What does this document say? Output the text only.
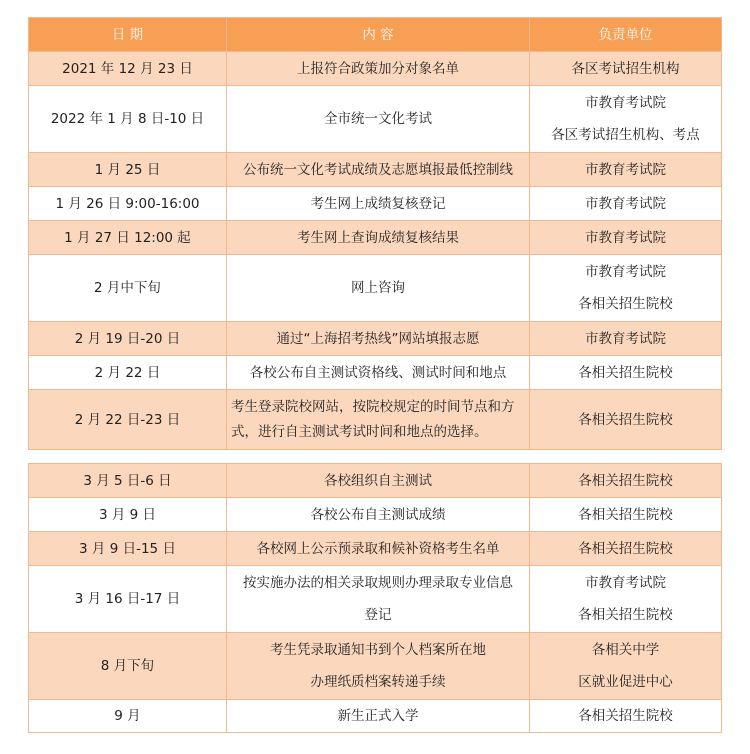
日 期	内 容	负责单位

2021 年 12 月 23 日	上报符合政策加分对象名单	各区考试招生机构

2022 年 1 月 8 日-10 日	全市统一文化考试	市教育考试院
各区考试招生机构、考点

1 月 25 日	公布统一文化考试成绩及志愿填报最低控制线	市教育考试院

1 月 26 日 9:00-16:00	考生网上成绩复核登记	市教育考试院

1 月 27 日 12:00 起	考生网上查询成绩复核结果	市教育考试院

2 月中下旬	网上咨询	市教育考试院
各相关招生院校

2 月 19 日-20 日	通过“上海招考热线”网站填报志愿	市教育考试院

2 月 22 日	各校公布自主测试资格线、测试时间和地点	各相关招生院校

2 月 22 日-23 日	考生登录院校网站，按院校规定的时间节点和方式，进行自主测试考试时间和地点的选择。	各相关招生院校
3 月 5 日-6 日	各校组织自主测试	各相关招生院校

3 月 9 日	各校公布自主测试成绩	各相关招生院校

3 月 9 日-15 日	各校网上公示预录取和候补资格考生名单	各相关招生院校

3 月 16 日-17 日	按实施办法的相关录取规则办理录取专业信息
登记	市教育考试院
各相关招生院校

8 月下旬	考生凭录取通知书到个人档案所在地
办理纸质档案转递手续	各相关中学
区就业促进中心

9 月	新生正式入学	各相关招生院校
